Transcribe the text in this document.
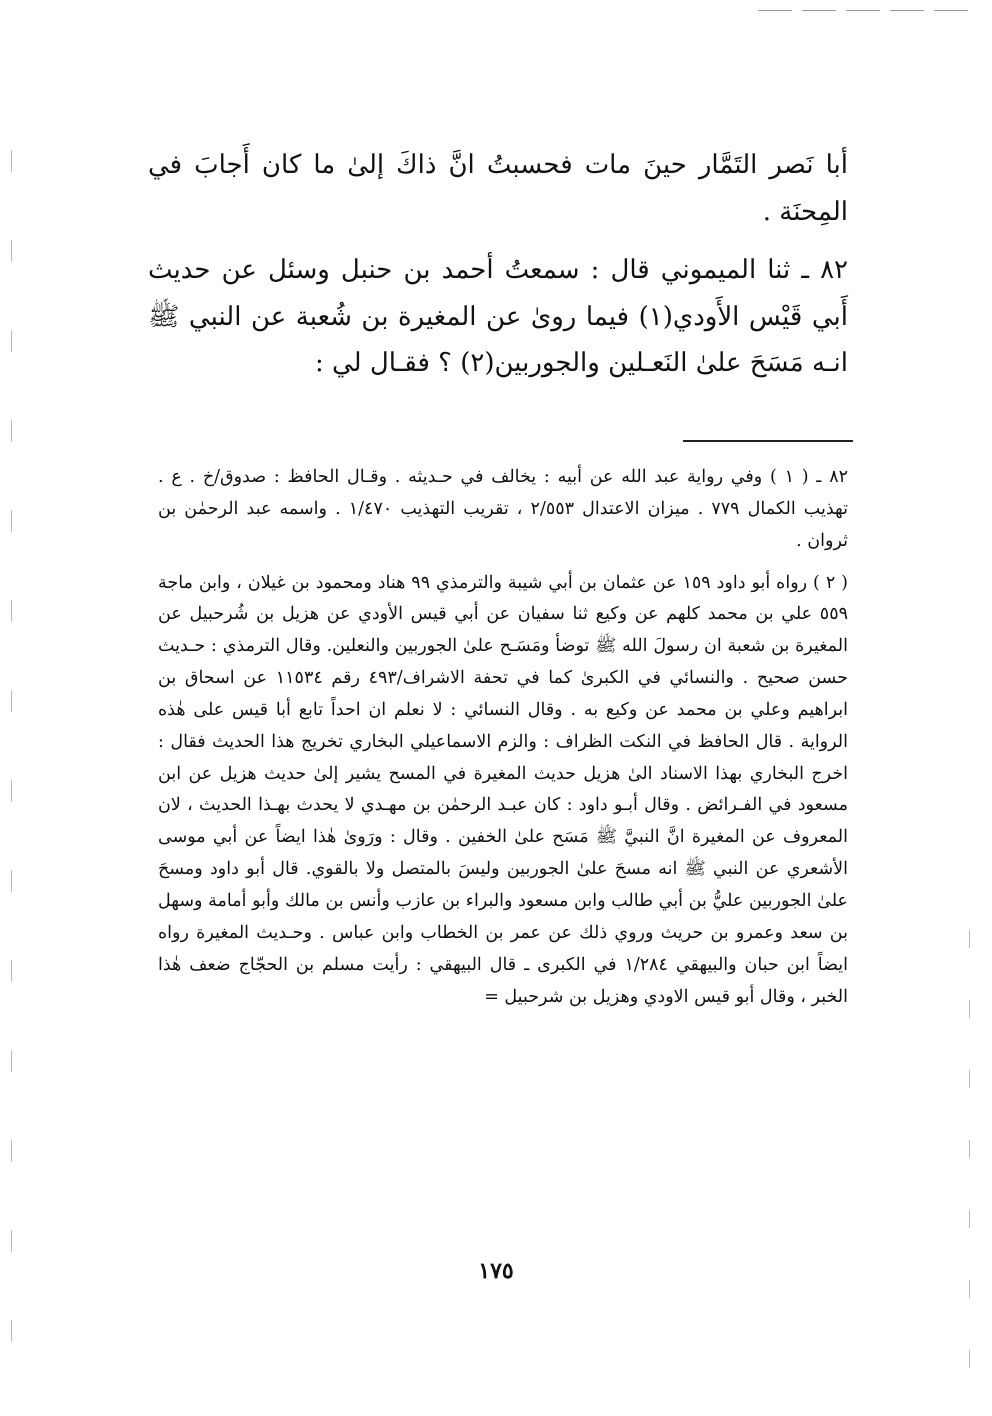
أبا نَصر التَمَّار حينَ مات فحسبتُ انَّ ذاكَ إلىٰ ما كان أَجابَ في المِحنَة .

٨٢ ـ ثنا الميموني قال : سمعتُ أحمد بن حنبل وسئل عن حديث أَبي قَيْس الأَودي(١) فيما روىٰ عن المغيرة بن شُعبة عن النبي ﷺ انـه مَسَحَ علىٰ النَعـلين والجوربين(٢) ؟ فقـال لي :

٨٢ ـ ( ١ ) وفي رواية عبد الله عن أبيه : يخالف في حـديثه . وقـال الحافظ : صدوق/خ . ع . تهذيب الكمال ٧٧٩ . ميزان الاعتدال ٢/٥٥٣ ، تقريب التهذيب ١/٤٧٠ . واسمه عبد الرحمٰن بن ثروان .

( ٢ ) رواه أبو داود ١٥٩ عن عثمان بن أبي شيبة والترمذي ٩٩ هناد ومحمود بن غيلان ، وابن ماجة ٥٥٩ علي بن محمد كلهم عن وكيع ثنا سفيان عن أبي قيس الأودي عن هزيل بن شُرحبيل عن المغيرة بن شعبة ان رسولَ الله ﷺ توضأ ومَسَـح علىٰ الجوربين والنعلين. وقال الترمذي : حـديث حسن صحيح . والنسائي في الكبرىٰ كما في تحفة الاشراف/٤٩٣ رقم ١١٥٣٤ عن اسحاق بن ابراهيم وعلي بن محمد عن وكيع به . وقال النسائي : لا نعلم ان احداً تابع أبا قيس على هٰذه الرواية . قال الحافظ في النكت الظراف : والزم الاسماعيلي البخاري تخريج هذا الحديث فقال : اخرج البخاري بهذا الاسناد الىٰ هزيل حديث المغيرة في المسح يشير إلىٰ حديث هزيل عن ابن مسعود في الفـرائض . وقال أبـو داود : كان عبـد الرحمٰن بن مهـدي لا يحدث بهـذا الحديث ، لان المعروف عن المغيرة انَّ النبيَّ ﷺ مَسَح علىٰ الخفين . وقال : ورَوىٰ هٰذا ايضاً عن أبي موسى الأشعري عن النبي ﷺ انه مسحَ علىٰ الجوربين وليسَ بالمتصل ولا بالقوي. قال أبو داود ومسحَ علىٰ الجوربين عليُّ بن أبي طالب وابن مسعود والبراء بن عازب وأنس بن مالك وأبو أمامة وسهل بن سعد وعمرو بن حريث وروي ذلك عن عمر بن الخطاب وابن عباس . وحـديث المغيرة رواه ايضاً ابن حبان والبيهقي ١/٢٨٤ في الكبرى ـ قال البيهقي : رأيت مسلم بن الحجّاج ضعف هٰذا الخبر ، وقال أبو قيس الاودي وهزيل بن شرحبيل =

١٧٥
